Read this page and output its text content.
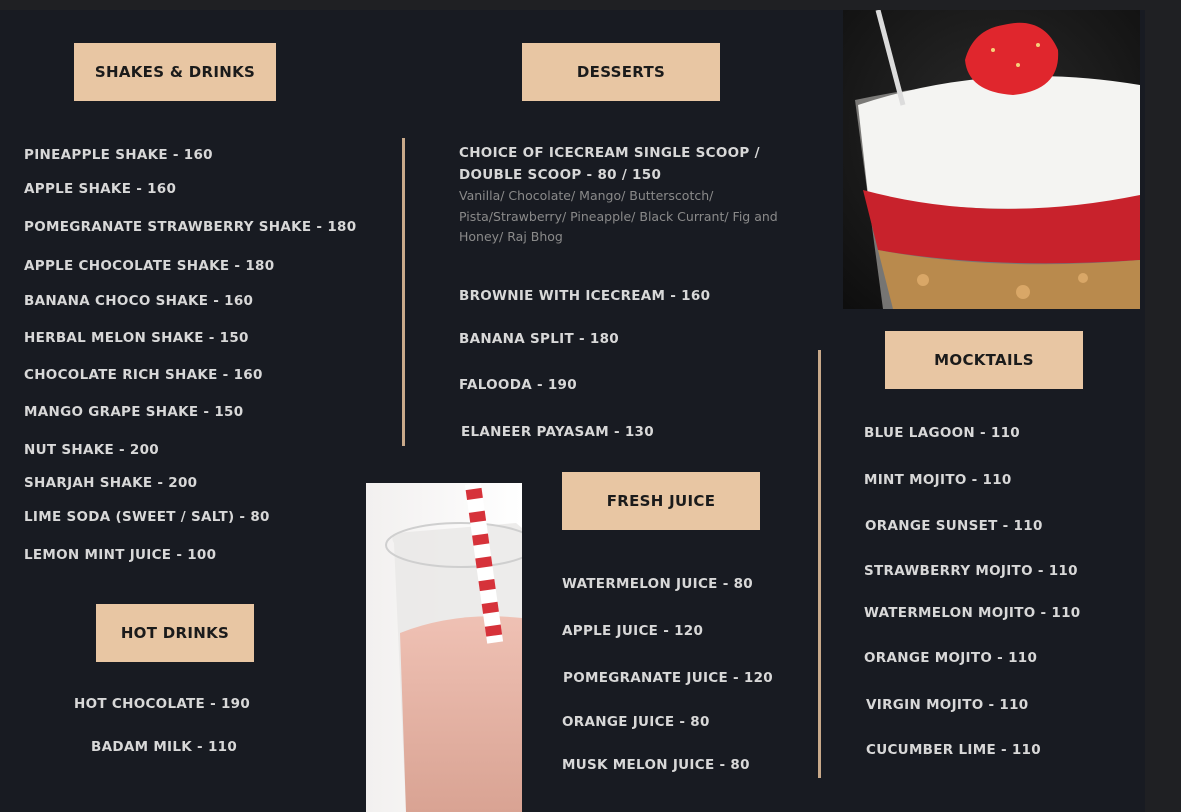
SHAKES & DRINKS
PINEAPPLE SHAKE - 160
APPLE SHAKE - 160
POMEGRANATE STRAWBERRY SHAKE - 180
APPLE CHOCOLATE SHAKE - 180
BANANA CHOCO SHAKE - 160
HERBAL MELON SHAKE - 150
CHOCOLATE RICH SHAKE - 160
MANGO GRAPE SHAKE - 150
NUT SHAKE - 200
SHARJAH SHAKE - 200
LIME SODA (SWEET / SALT) - 80
LEMON MINT JUICE - 100
HOT DRINKS
HOT CHOCOLATE - 190
BADAM MILK - 110
DESSERTS
CHOICE OF ICECREAM SINGLE SCOOP /
DOUBLE SCOOP - 80 / 150
Vanilla/ Chocolate/ Mango/ Butterscotch/ Pista/Strawberry/ Pineapple/ Black Currant/ Fig and Honey/ Raj Bhog
BROWNIE WITH ICECREAM - 160
BANANA SPLIT - 180
FALOODA - 190
ELANEER PAYASAM - 130
FRESH JUICE
WATERMELON JUICE - 80
APPLE JUICE - 120
POMEGRANATE JUICE - 120
ORANGE JUICE - 80
MUSK MELON JUICE - 80
MOCKTAILS
BLUE LAGOON - 110
MINT MOJITO - 110
ORANGE SUNSET - 110
STRAWBERRY MOJITO - 110
WATERMELON MOJITO - 110
ORANGE MOJITO - 110
VIRGIN MOJITO - 110
CUCUMBER LIME - 110
